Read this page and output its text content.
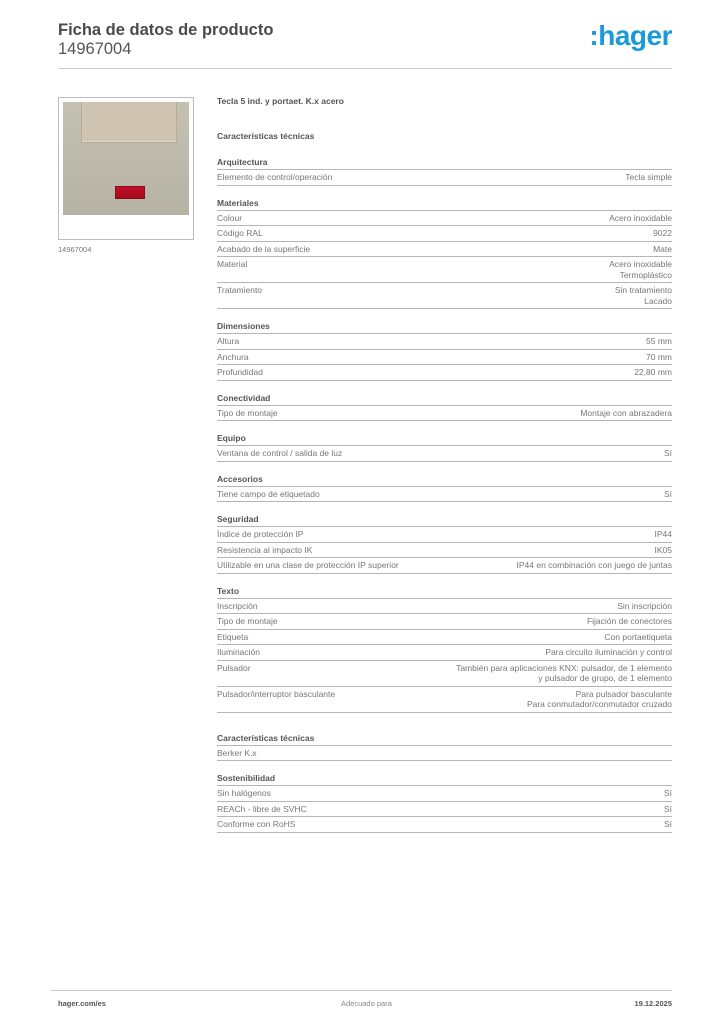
Ficha de datos de producto
14967004	:hager
14967004
Tecla 5 ind. y portaet. K.x acero
Características técnicas
Arquitectura
Elemento de control/operación	Tecla simple
Materiales
Colour	Acero inoxidable
Código RAL	9022
Acabado de la superficie	Mate
Material	Acero inoxidable
Termoplástico
Tratamiento	Sin tratamiento
Lacado
Dimensiones
Altura	55 mm
Anchura	70 mm
Profundidad	22,80 mm
Conectividad
Tipo de montaje	Montaje con abrazadera
Equipo
Ventana de control / salida de luz	Sí
Accesorios
Tiene campo de etiquetado	Sí
Seguridad
Índice de protección IP	IP44
Resistencia al impacto IK	IK05
Utilizable en una clase de protección IP superior	IP44 en combinación con juego de juntas
Texto
Inscripción	Sin inscripción
Tipo de montaje	Fijación de conectores
Etiqueta	Con portaetiqueta
Iluminación	Para circuito iluminación y control
Pulsador	También para aplicaciones KNX: pulsador, de 1 elemento
y pulsador de grupo, de 1 elemento
Pulsador/interruptor basculante	Para pulsador basculante
Para conmutador/conmutador cruzado
Características técnicas
Berker K.x
Sostenibilidad
Sin halógenos	Sí
REACh - libre de SVHC	Sí
Conforme con RoHS	Sí
hager.com/es	Adecuado para	19.12.2025
